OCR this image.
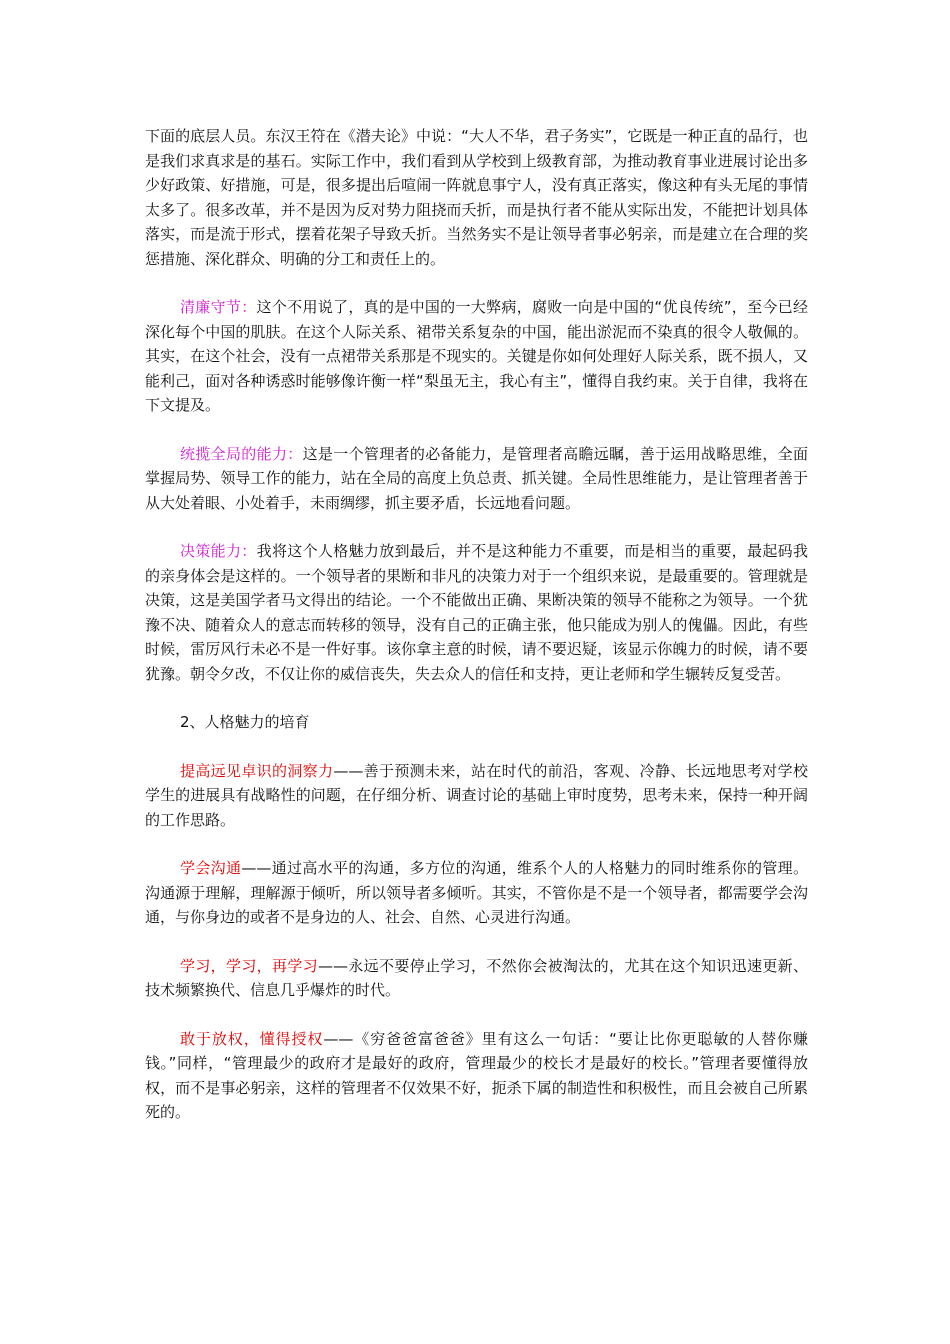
下面的底层人员。东汉王符在《潜夫论》中说：“大人不华，君子务实”，它既是一种正直的品行，也是我们求真求是的基石。实际工作中，我们看到从学校到上级教育部，为推动教育事业进展讨论出多少好政策、好措施，可是，很多提出后喧闹一阵就息事宁人，没有真正落实，像这种有头无尾的事情太多了。很多改革，并不是因为反对势力阻挠而夭折，而是执行者不能从实际出发，不能把计划具体落实，而是流于形式，摆着花架子导致夭折。当然务实不是让领导者事必躬亲，而是建立在合理的奖惩措施、深化群众、明确的分工和责任上的。

清廉守节：这个不用说了，真的是中国的一大弊病，腐败一向是中国的“优良传统”，至今已经深化每个中国的肌肤。在这个人际关系、裙带关系复杂的中国，能出淤泥而不染真的很令人敬佩的。其实，在这个社会，没有一点裙带关系那是不现实的。关键是你如何处理好人际关系，既不损人，又能利己，面对各种诱惑时能够像许衡一样“梨虽无主，我心有主”，懂得自我约束。关于自律，我将在下文提及。

统揽全局的能力：这是一个管理者的必备能力，是管理者高瞻远瞩，善于运用战略思维，全面掌握局势、领导工作的能力，站在全局的高度上负总责、抓关键。全局性思维能力，是让管理者善于从大处着眼、小处着手，未雨绸缪，抓主要矛盾，长远地看问题。

决策能力：我将这个人格魅力放到最后，并不是这种能力不重要，而是相当的重要，最起码我的亲身体会是这样的。一个领导者的果断和非凡的决策力对于一个组织来说，是最重要的。管理就是决策，这是美国学者马文得出的结论。一个不能做出正确、果断决策的领导不能称之为领导。一个犹豫不决、随着众人的意志而转移的领导，没有自己的正确主张，他只能成为别人的傀儡。因此，有些时候，雷厉风行未必不是一件好事。该你拿主意的时候，请不要迟疑，该显示你魄力的时候，请不要犹豫。朝令夕改，不仅让你的威信丧失，失去众人的信任和支持，更让老师和学生辗转反复受苦。

2、人格魅力的培育

提高远见卓识的洞察力——善于预测未来，站在时代的前沿，客观、冷静、长远地思考对学校学生的进展具有战略性的问题，在仔细分析、调查讨论的基础上审时度势，思考未来，保持一种开阔的工作思路。

学会沟通——通过高水平的沟通，多方位的沟通，维系个人的人格魅力的同时维系你的管理。沟通源于理解，理解源于倾听，所以领导者多倾听。其实，不管你是不是一个领导者，都需要学会沟通，与你身边的或者不是身边的人、社会、自然、心灵进行沟通。

学习，学习，再学习——永远不要停止学习，不然你会被淘汰的，尤其在这个知识迅速更新、技术频繁换代、信息几乎爆炸的时代。

敢于放权，懂得授权——《穷爸爸富爸爸》里有这么一句话：“要让比你更聪敏的人替你赚钱。”同样，“管理最少的政府才是最好的政府，管理最少的校长才是最好的校长。”管理者要懂得放权，而不是事必躬亲，这样的管理者不仅效果不好，扼杀下属的制造性和积极性，而且会被自己所累死的。
